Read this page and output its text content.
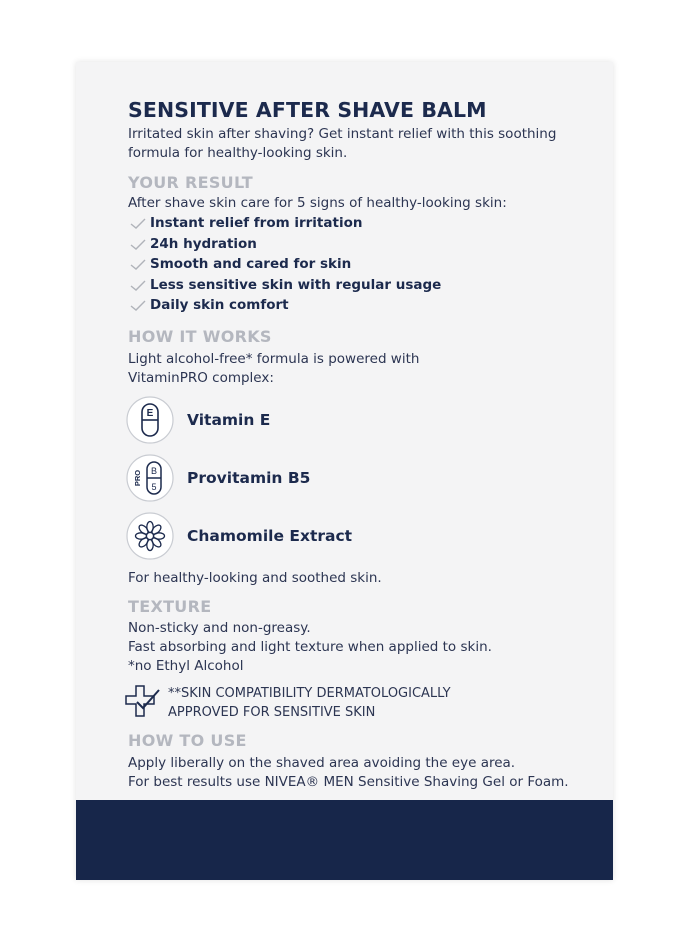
SENSITIVE AFTER SHAVE BALM

Irritated skin after shaving? Get instant relief with this soothing

formula for healthy-looking skin.

YOUR RESULT

After shave skin care for 5 signs of healthy-looking skin:

Instant relief from irritation
24h hydration
Smooth and cared for skin
Less sensitive skin with regular usage
Daily skin comfort
HOW IT WORKS

Light alcohol-free* formula is powered with

VitaminPRO complex:

E Vitamin E
B
5
PRO	Provitamin B5
Chamomile Extract

For healthy-looking and soothed skin.

TEXTURE

Non-sticky and non-greasy.

Fast absorbing and light texture when applied to skin.

*no Ethyl Alcohol

**SKIN COMPATIBILITY DERMATOLOGICALLY
APPROVED FOR SENSITIVE SKIN
HOW TO USE

Apply liberally on the shaved area avoiding the eye area.

For best results use NIVEA® MEN Sensitive Shaving Gel or Foam.
